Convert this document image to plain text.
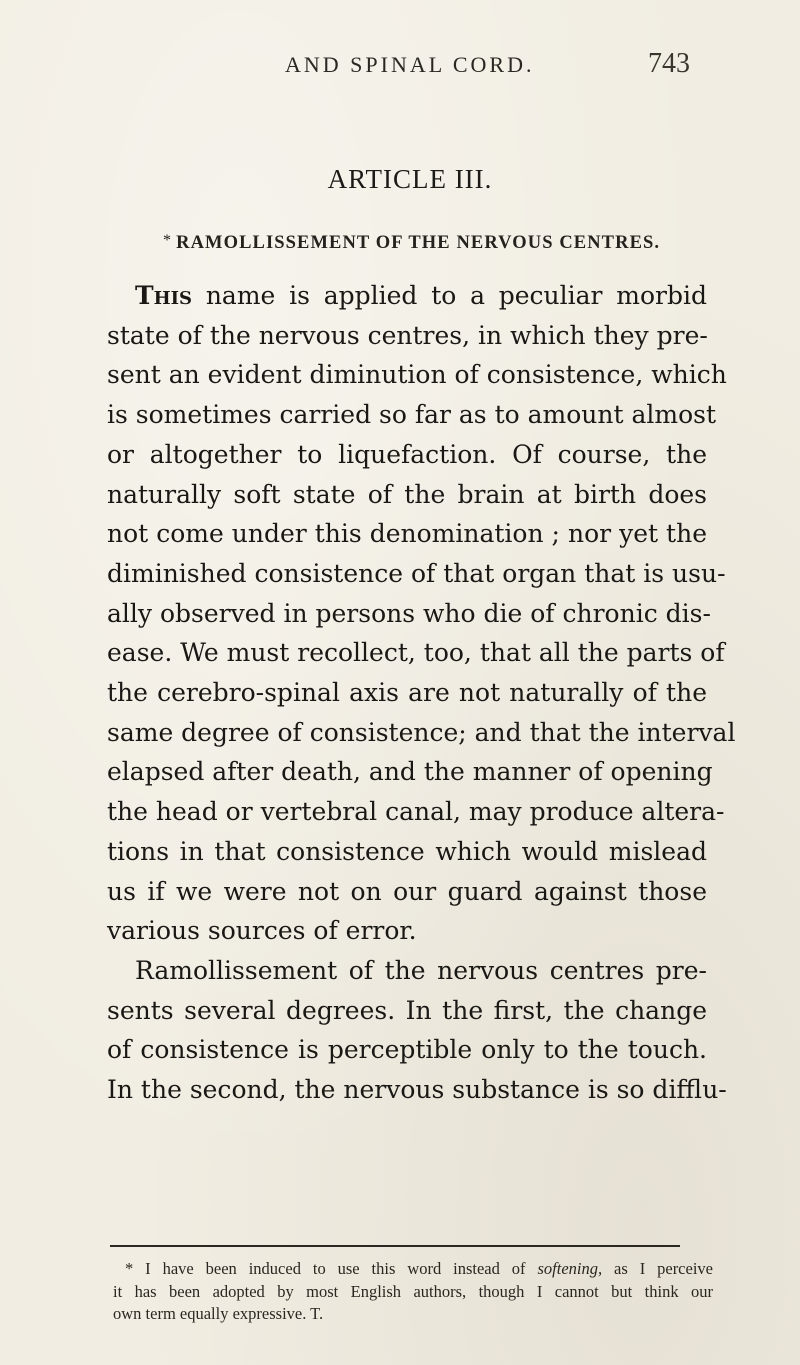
AND SPINAL CORD.	743
ARTICLE III.
* RAMOLLISSEMENT OF THE NERVOUS CENTRES.
This name is applied to a peculiar morbid
state of the nervous centres, in which they pre-
sent an evident diminution of consistence, which
is sometimes carried so far as to amount almost
or altogether to liquefaction. Of course, the
naturally soft state of the brain at birth does
not come under this denomination ; nor yet the
diminished consistence of that organ that is usu-
ally observed in persons who die of chronic dis-
ease. We must recollect, too, that all the parts of
the cerebro-spinal axis are not naturally of the
same degree of consistence; and that the interval
elapsed after death, and the manner of opening
the head or vertebral canal, may produce altera-
tions in that consistence which would mislead
us if we were not on our guard against those
various sources of error.
Ramollissement of the nervous centres pre-
sents several degrees. In the first, the change
of consistence is perceptible only to the touch.
In the second, the nervous substance is so difflu-
* I have been induced to use this word instead of softening, as I perceive
it has been adopted by most English authors, though I cannot but think our
own term equally expressive. T.
